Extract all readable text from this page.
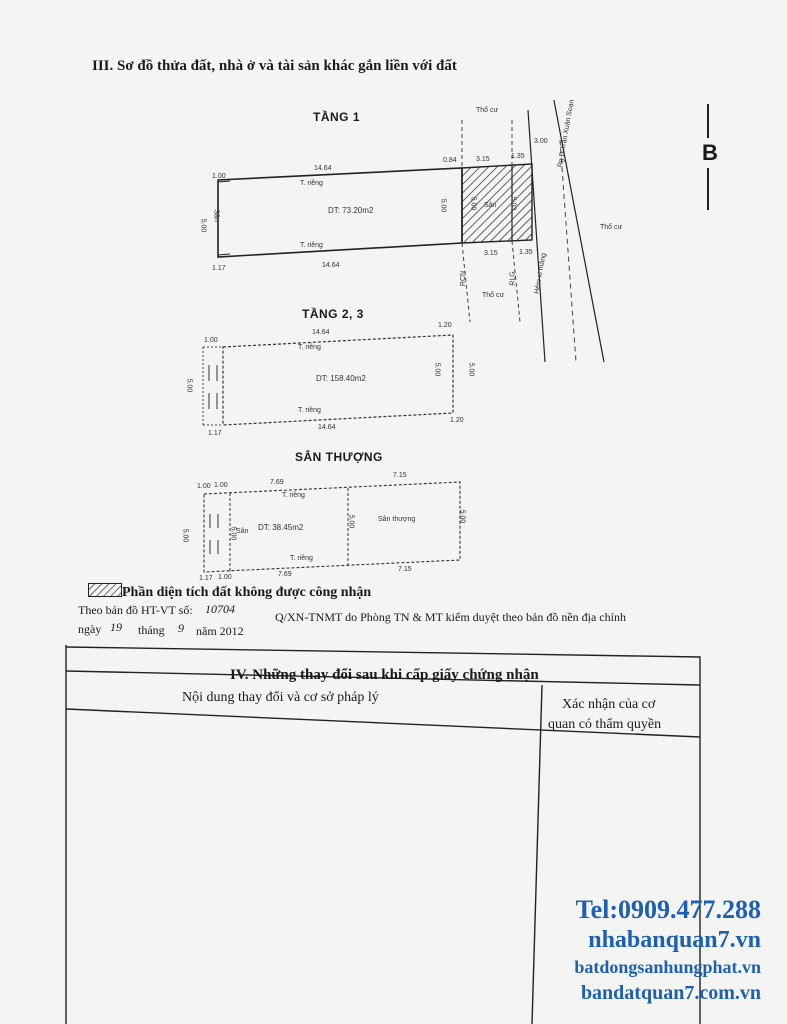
III. Sơ đồ thửa đất, nhà ở và tài sản khác gắn liền với đất
B
TẦNG 1
1.00
14.64
0.84	3.15	1.35
1.17	14.64
3.15	1.35
5.00
5.00	5.00	5.03
DT: 73.20m2
T. riêng
T. riêng
Sân
Sân
Thổ cư
Thổ cư
Thổ cư
RCN	RLG Hẻm xi măng
Rg Đ.Trần Xuân Soạn
3.00
TẦNG 2, 3
1.00
14.64
1.20
1.17
14.64
1.20
5.00
5.00	5.00
DT: 158.40m2
T. riêng
T. riêng
SÂN THƯỢNG
1.00 1.00	7.69
7.15
1.17 1.00	7.69
7.15
5.00	5.00
5.00	5.00
DT: 38.45m2
Sân thượng
Sân
T. riêng
T. riêng
Phần diện tích đất không được công nhận
Theo bản đồ HT-VT số: 10704
Q/XN-TNMT do Phòng TN & MT kiểm duyệt theo bản đồ nền địa chính
ngày 19 tháng 9 năm 2012
IV. Những thay đổi sau khi cấp giấy chứng nhận
Nội dung thay đổi và cơ sở pháp lý	Xác nhận của cơ
quan có thẩm quyền
Tel:0909.477.288
nhabanquan7.vn
batdongsanhungphat.vn
bandatquan7.com.vn
